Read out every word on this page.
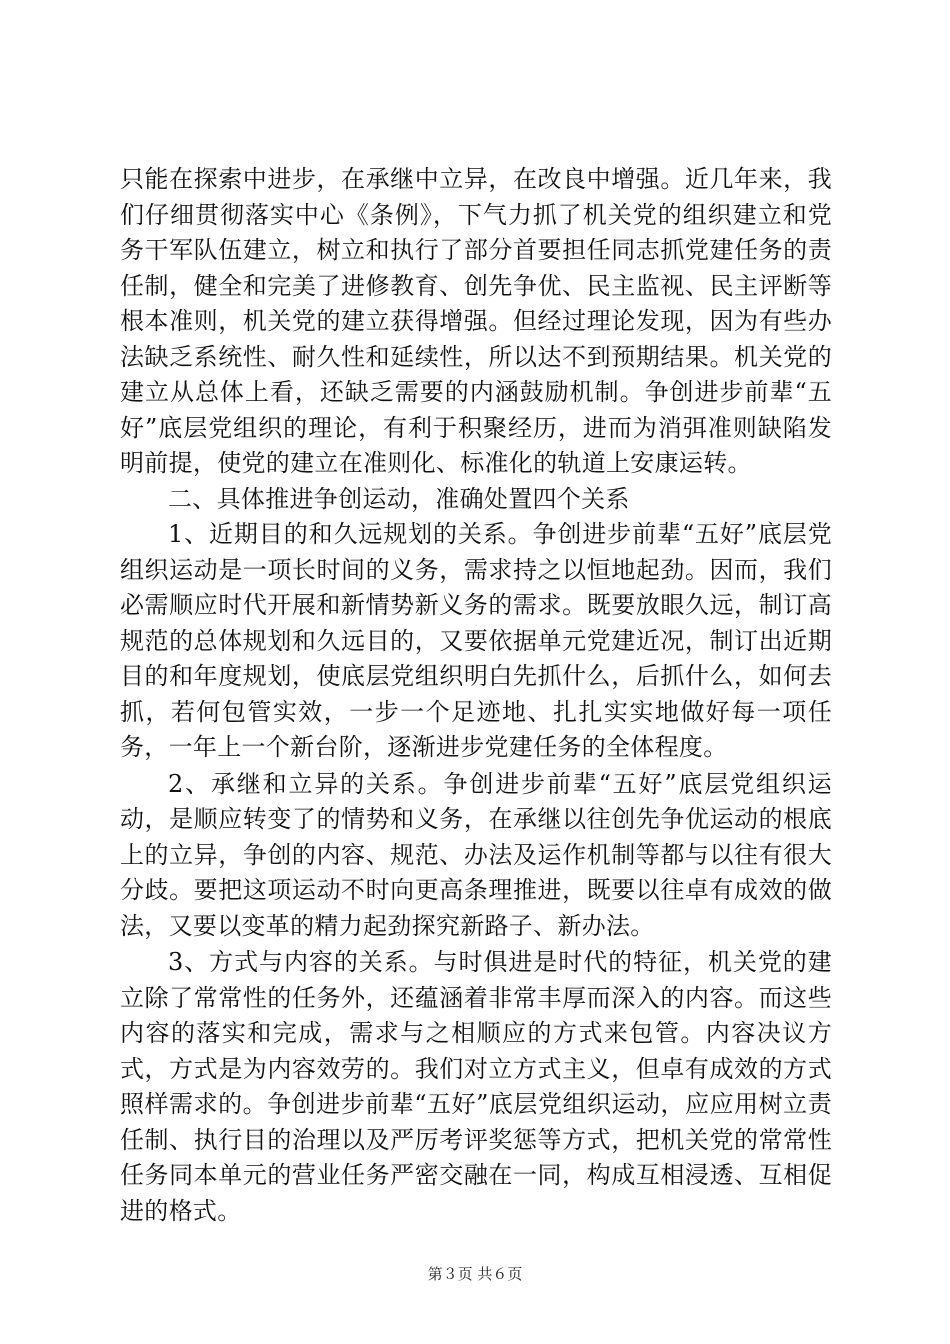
只能在探索中进步，在承继中立异，在改良中增强。近几年来，我们仔细贯彻落实中心《条例》，下气力抓了机关党的组织建立和党务干军队伍建立，树立和执行了部分首要担任同志抓党建任务的责任制，健全和完美了进修教育、创先争优、民主监视、民主评断等根本准则，机关党的建立获得增强。但经过理论发现，因为有些办法缺乏系统性、耐久性和延续性，所以达不到预期结果。机关党的建立从总体上看，还缺乏需要的内涵鼓励机制。争创进步前辈“五好”底层党组织的理论，有利于积聚经历，进而为消弭准则缺陷发明前提，使党的建立在准则化、标准化的轨道上安康运转。

二、具体推进争创运动，准确处置四个关系

1、近期目的和久远规划的关系。争创进步前辈“五好”底层党组织运动是一项长时间的义务，需求持之以恒地起劲。因而，我们必需顺应时代开展和新情势新义务的需求。既要放眼久远，制订高规范的总体规划和久远目的，又要依据单元党建近况，制订出近期目的和年度规划，使底层党组织明白先抓什么，后抓什么，如何去抓，若何包管实效，一步一个足迹地、扎扎实实地做好每一项任务，一年上一个新台阶，逐渐进步党建任务的全体程度。

2、承继和立异的关系。争创进步前辈“五好”底层党组织运动，是顺应转变了的情势和义务，在承继以往创先争优运动的根底上的立异，争创的内容、规范、办法及运作机制等都与以往有很大分歧。要把这项运动不时向更高条理推进，既要以往卓有成效的做法，又要以变革的精力起劲探究新路子、新办法。

3、方式与内容的关系。与时俱进是时代的特征，机关党的建立除了常常性的任务外，还蕴涵着非常丰厚而深入的内容。而这些内容的落实和完成，需求与之相顺应的方式来包管。内容决议方式，方式是为内容效劳的。我们对立方式主义，但卓有成效的方式照样需求的。争创进步前辈“五好”底层党组织运动，应应用树立责任制、执行目的治理以及严厉考评奖惩等方式，把机关党的常常性任务同本单元的营业任务严密交融在一同，构成互相浸透、互相促进的格式。

第３页 共６页
